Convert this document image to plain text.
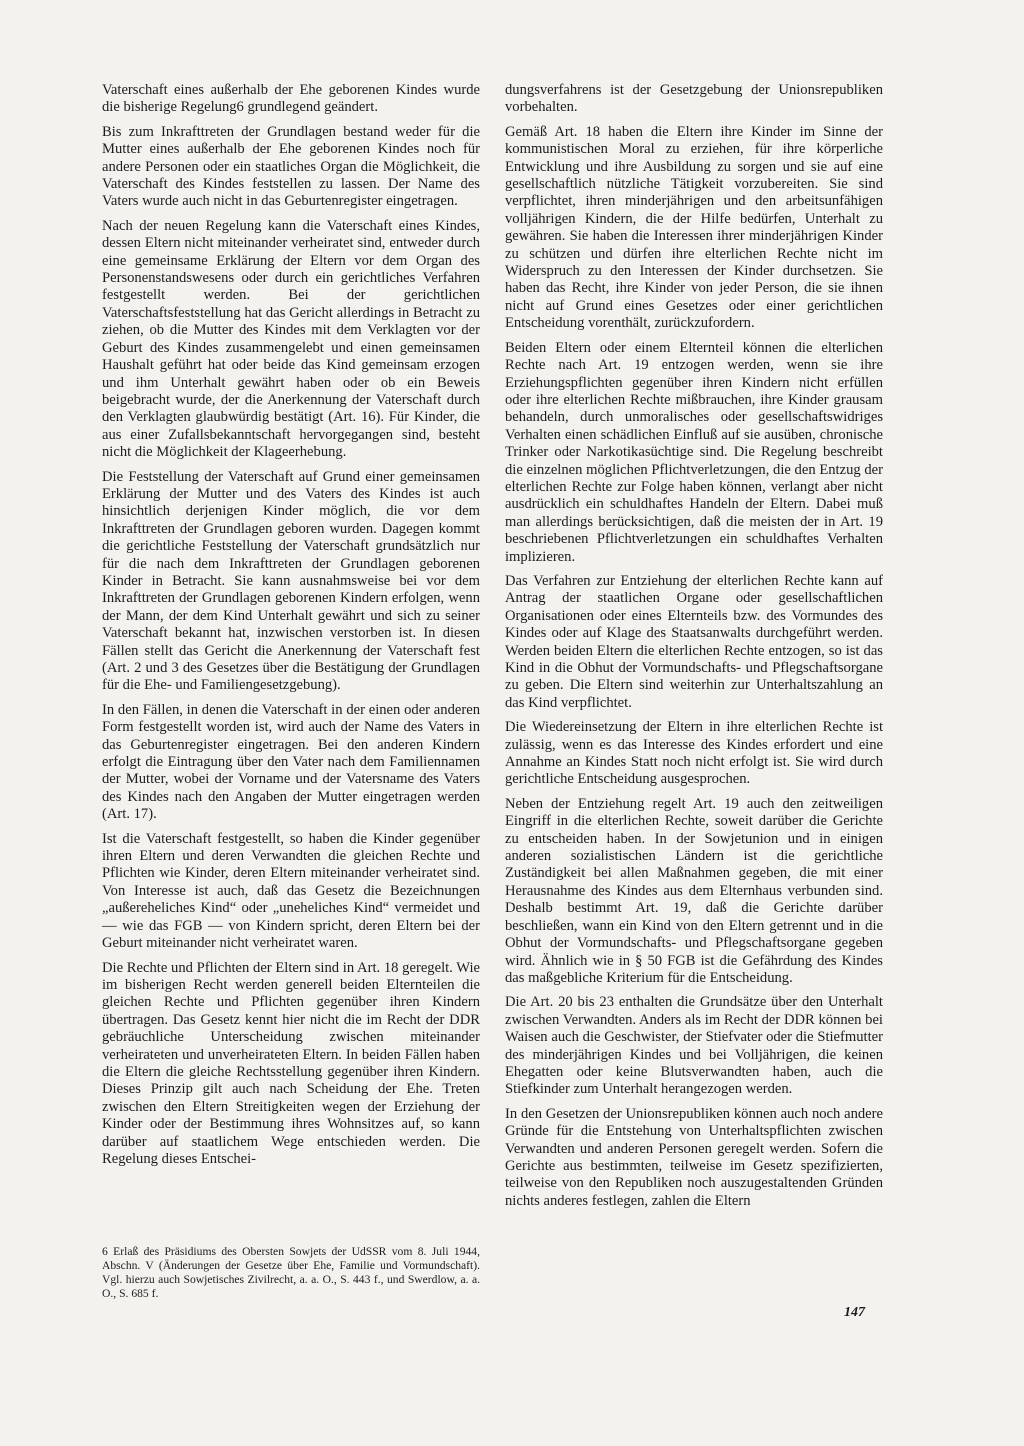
Vaterschaft eines außerhalb der Ehe geborenen Kindes wurde die bisherige Regelung6 grundlegend geändert.

Bis zum Inkrafttreten der Grundlagen bestand weder für die Mutter eines außerhalb der Ehe geborenen Kindes noch für andere Personen oder ein staatliches Organ die Möglichkeit, die Vaterschaft des Kindes feststellen zu lassen. Der Name des Vaters wurde auch nicht in das Geburtenregister eingetragen.

Nach der neuen Regelung kann die Vaterschaft eines Kindes, dessen Eltern nicht miteinander verheiratet sind, entweder durch eine gemeinsame Erklärung der Eltern vor dem Organ des Personenstandswesens oder durch ein gerichtliches Verfahren festgestellt werden. Bei der gerichtlichen Vaterschaftsfeststellung hat das Gericht allerdings in Betracht zu ziehen, ob die Mutter des Kindes mit dem Verklagten vor der Geburt des Kindes zusammengelebt und einen gemeinsamen Haushalt geführt hat oder beide das Kind gemeinsam erzogen und ihm Unterhalt gewährt haben oder ob ein Beweis beigebracht wurde, der die Anerkennung der Vaterschaft durch den Verklagten glaubwürdig bestätigt (Art. 16). Für Kinder, die aus einer Zufallsbekanntschaft hervorgegangen sind, besteht nicht die Möglichkeit der Klageerhebung.

Die Feststellung der Vaterschaft auf Grund einer gemeinsamen Erklärung der Mutter und des Vaters des Kindes ist auch hinsichtlich derjenigen Kinder möglich, die vor dem Inkrafttreten der Grundlagen geboren wurden. Dagegen kommt die gerichtliche Feststellung der Vaterschaft grundsätzlich nur für die nach dem Inkrafttreten der Grundlagen geborenen Kinder in Betracht. Sie kann ausnahmsweise bei vor dem Inkrafttreten der Grundlagen geborenen Kindern erfolgen, wenn der Mann, der dem Kind Unterhalt gewährt und sich zu seiner Vaterschaft bekannt hat, inzwischen verstorben ist. In diesen Fällen stellt das Gericht die Anerkennung der Vaterschaft fest (Art. 2 und 3 des Gesetzes über die Bestätigung der Grundlagen für die Ehe- und Familiengesetzgebung).

In den Fällen, in denen die Vaterschaft in der einen oder anderen Form festgestellt worden ist, wird auch der Name des Vaters in das Geburtenregister eingetragen. Bei den anderen Kindern erfolgt die Eintragung über den Vater nach dem Familiennamen der Mutter, wobei der Vorname und der Vatersname des Vaters des Kindes nach den Angaben der Mutter eingetragen werden (Art. 17).

Ist die Vaterschaft festgestellt, so haben die Kinder gegenüber ihren Eltern und deren Verwandten die gleichen Rechte und Pflichten wie Kinder, deren Eltern miteinander verheiratet sind. Von Interesse ist auch, daß das Gesetz die Bezeichnungen „außereheliches Kind“ oder „uneheliches Kind“ vermeidet und — wie das FGB — von Kindern spricht, deren Eltern bei der Geburt miteinander nicht verheiratet waren.

Die Rechte und Pflichten der Eltern sind in Art. 18 geregelt. Wie im bisherigen Recht werden generell beiden Elternteilen die gleichen Rechte und Pflichten gegenüber ihren Kindern übertragen. Das Gesetz kennt hier nicht die im Recht der DDR gebräuchliche Unterscheidung zwischen miteinander verheirateten und unverheirateten Eltern. In beiden Fällen haben die Eltern die gleiche Rechtsstellung gegenüber ihren Kindern. Dieses Prinzip gilt auch nach Scheidung der Ehe. Treten zwischen den Eltern Streitigkeiten wegen der Erziehung der Kinder oder der Bestimmung ihres Wohnsitzes auf, so kann darüber auf staatlichem Wege entschieden werden. Die Regelung dieses Entschei-

dungsverfahrens ist der Gesetzgebung der Unionsrepubliken vorbehalten.

Gemäß Art. 18 haben die Eltern ihre Kinder im Sinne der kommunistischen Moral zu erziehen, für ihre körperliche Entwicklung und ihre Ausbildung zu sorgen und sie auf eine gesellschaftlich nützliche Tätigkeit vorzubereiten. Sie sind verpflichtet, ihren minderjährigen und den arbeitsunfähigen volljährigen Kindern, die der Hilfe bedürfen, Unterhalt zu gewähren. Sie haben die Interessen ihrer minderjährigen Kinder zu schützen und dürfen ihre elterlichen Rechte nicht im Widerspruch zu den Interessen der Kinder durchsetzen. Sie haben das Recht, ihre Kinder von jeder Person, die sie ihnen nicht auf Grund eines Gesetzes oder einer gerichtlichen Entscheidung vorenthält, zurückzufordern.

Beiden Eltern oder einem Elternteil können die elterlichen Rechte nach Art. 19 entzogen werden, wenn sie ihre Erziehungspflichten gegenüber ihren Kindern nicht erfüllen oder ihre elterlichen Rechte mißbrauchen, ihre Kinder grausam behandeln, durch unmoralisches oder gesellschaftswidriges Verhalten einen schädlichen Einfluß auf sie ausüben, chronische Trinker oder Narkotikasüchtige sind. Die Regelung beschreibt die einzelnen möglichen Pflichtverletzungen, die den Entzug der elterlichen Rechte zur Folge haben können, verlangt aber nicht ausdrücklich ein schuldhaftes Handeln der Eltern. Dabei muß man allerdings berücksichtigen, daß die meisten der in Art. 19 beschriebenen Pflichtverletzungen ein schuldhaftes Verhalten implizieren.

Das Verfahren zur Entziehung der elterlichen Rechte kann auf Antrag der staatlichen Organe oder gesellschaftlichen Organisationen oder eines Elternteils bzw. des Vormundes des Kindes oder auf Klage des Staatsanwalts durchgeführt werden. Werden beiden Eltern die elterlichen Rechte entzogen, so ist das Kind in die Obhut der Vormundschafts- und Pflegschaftsorgane zu geben. Die Eltern sind weiterhin zur Unterhaltszahlung an das Kind verpflichtet.

Die Wiedereinsetzung der Eltern in ihre elterlichen Rechte ist zulässig, wenn es das Interesse des Kindes erfordert und eine Annahme an Kindes Statt noch nicht erfolgt ist. Sie wird durch gerichtliche Entscheidung ausgesprochen.

Neben der Entziehung regelt Art. 19 auch den zeitweiligen Eingriff in die elterlichen Rechte, soweit darüber die Gerichte zu entscheiden haben. In der Sowjetunion und in einigen anderen sozialistischen Ländern ist die gerichtliche Zuständigkeit bei allen Maßnahmen gegeben, die mit einer Herausnahme des Kindes aus dem Elternhaus verbunden sind. Deshalb bestimmt Art. 19, daß die Gerichte darüber beschließen, wann ein Kind von den Eltern getrennt und in die Obhut der Vormundschafts- und Pflegschaftsorgane gegeben wird. Ähnlich wie in § 50 FGB ist die Gefährdung des Kindes das maßgebliche Kriterium für die Entscheidung.

Die Art. 20 bis 23 enthalten die Grundsätze über den Unterhalt zwischen Verwandten. Anders als im Recht der DDR können bei Waisen auch die Geschwister, der Stiefvater oder die Stiefmutter des minderjährigen Kindes und bei Volljährigen, die keinen Ehegatten oder keine Blutsverwandten haben, auch die Stiefkinder zum Unterhalt herangezogen werden.

In den Gesetzen der Unionsrepubliken können auch noch andere Gründe für die Entstehung von Unterhaltspflichten zwischen Verwandten und anderen Personen geregelt werden. Sofern die Gerichte aus bestimmten, teilweise im Gesetz spezifizierten, teilweise von den Republiken noch auszugestaltenden Gründen nichts anderes festlegen, zahlen die Eltern

6 Erlaß des Präsidiums des Obersten Sowjets der UdSSR vom 8. Juli 1944, Abschn. V (Änderungen der Gesetze über Ehe, Familie und Vormundschaft). Vgl. hierzu auch Sowjetisches Zivilrecht, a. a. O., S. 443 f., und Swerdlow, a. a. O., S. 685 f.

147
